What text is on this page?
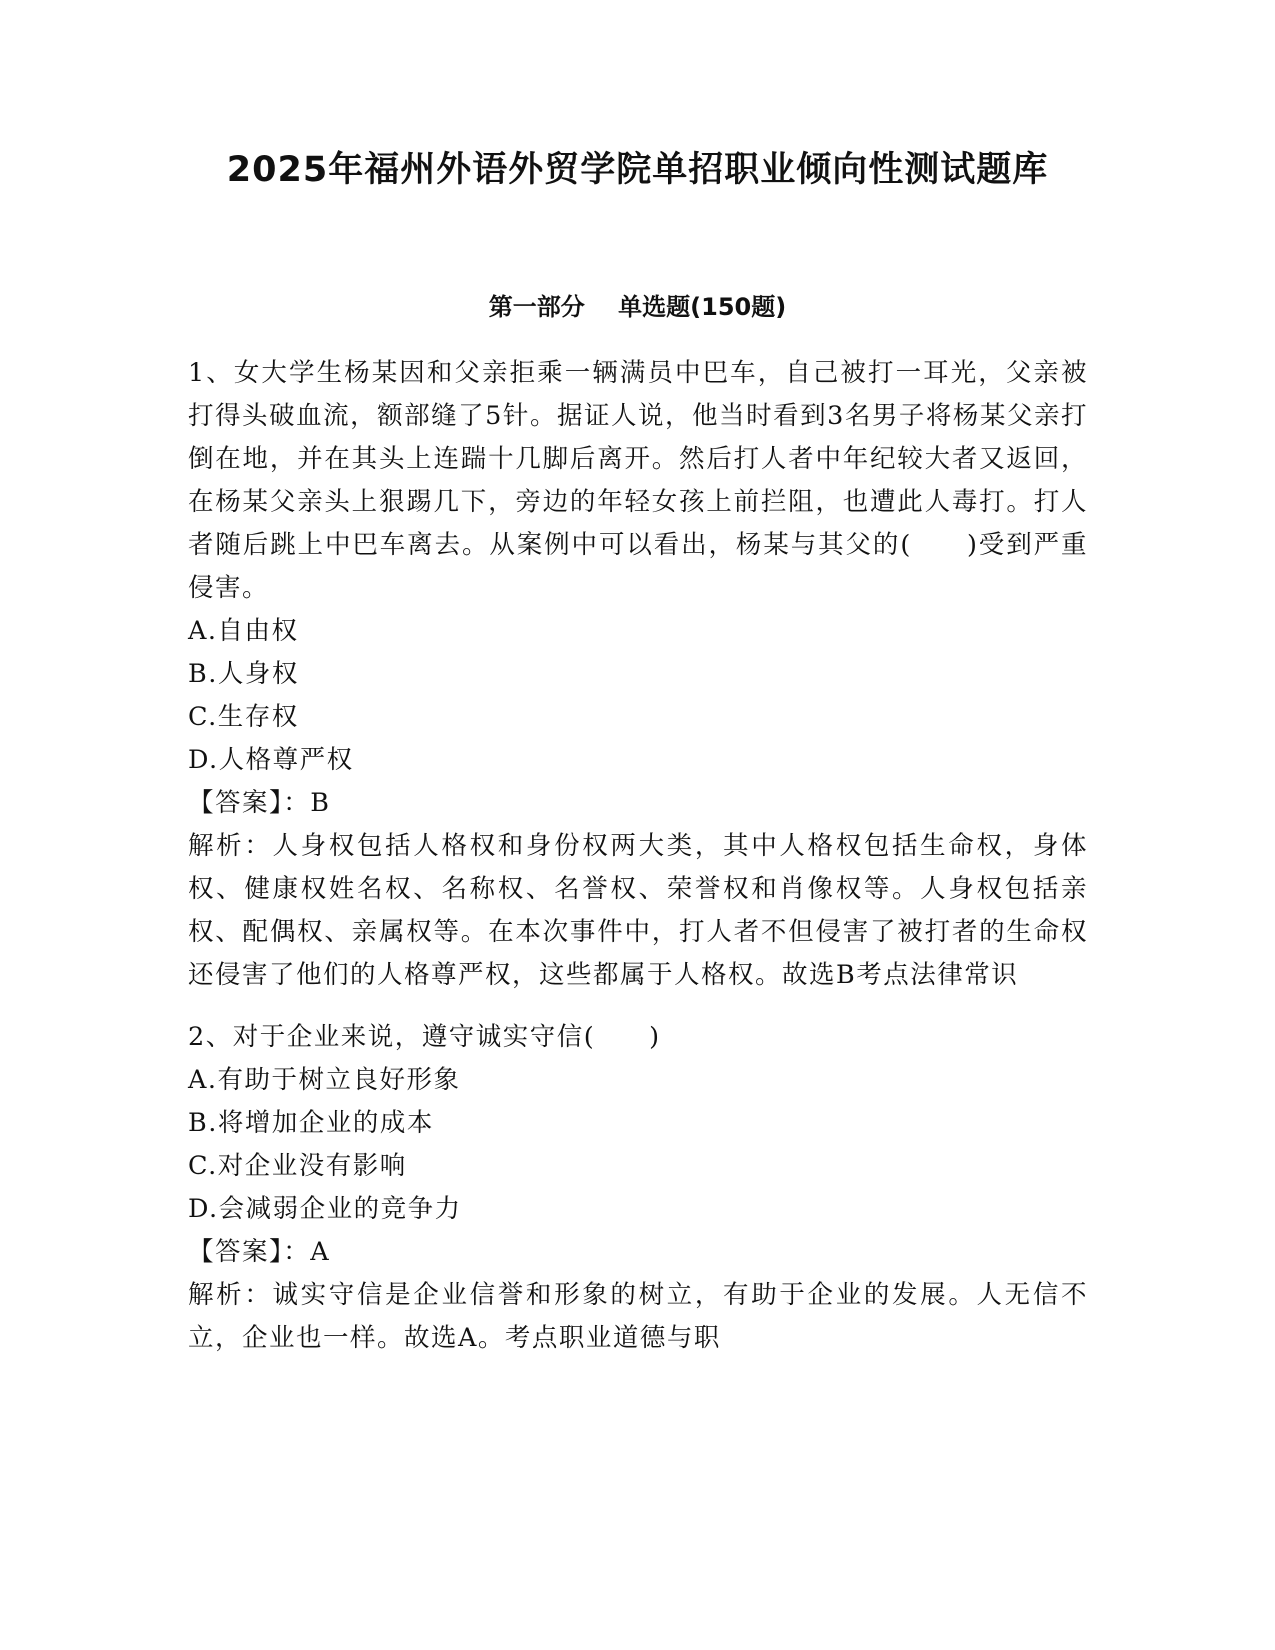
2025年福州外语外贸学院单招职业倾向性测试题库
第一部分    单选题(150题)

1、女大学生杨某因和父亲拒乘一辆满员中巴车，自己被打一耳光，父亲被打得头破血流，额部缝了5针。据证人说，他当时看到3名男子将杨某父亲打倒在地，并在其头上连踹十几脚后离开。然后打人者中年纪较大者又返回，在杨某父亲头上狠踢几下，旁边的年轻女孩上前拦阻，也遭此人毒打。打人者随后跳上中巴车离去。从案例中可以看出，杨某与其父的(　　)受到严重侵害。

A.自由权

B.人身权

C.生存权

D.人格尊严权

【答案】：B

解析：人身权包括人格权和身份权两大类，其中人格权包括生命权，身体权、健康权姓名权、名称权、名誉权、荣誉权和肖像权等。人身权包括亲权、配偶权、亲属权等。在本次事件中，打人者不但侵害了被打者的生命权还侵害了他们的人格尊严权，这些都属于人格权。故选B考点法律常识

2、对于企业来说，遵守诚实守信(　　)

A.有助于树立良好形象

B.将增加企业的成本

C.对企业没有影响

D.会减弱企业的竞争力

【答案】：A

解析：诚实守信是企业信誉和形象的树立，有助于企业的发展。人无信不立，企业也一样。故选A。考点职业道德与职
